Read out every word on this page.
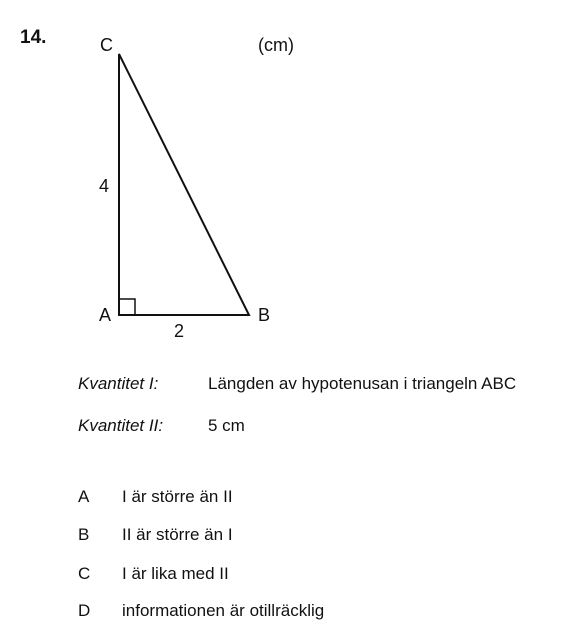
14.	C
A	B
4
2
(cm)
Kvantitet I:	Längden av hypotenusan i triangeln ABC
Kvantitet II:	5 cm
A I är större än II
B II är större än I
C I är lika med II
D informationen är otillräcklig
